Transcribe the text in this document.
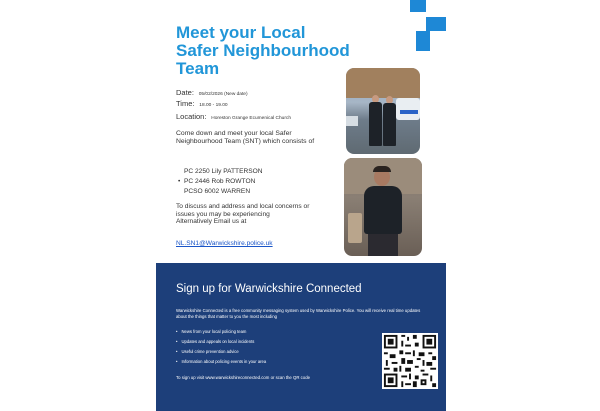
Meet your Local
Safer Neighbourhood
Team
Date: 05/02/2026 (New date)
Time: 18.00 - 19.00
Location: Horeston Grange Ecumenical Church
Come down and meet your local Safer Neighbourhood Team (SNT) which consists of
PC 2250 Lily PATTERSON
• PC 2446 Rob ROWTON
PCSO 6002 WARREN
To discuss and address and local concerns or issues you may be experiencing
Alternatively Email us at
NL.SN1@Warwickshire.police.uk
Sign up for Warwickshire Connected
Warwickshire Connected is a free community messaging system used by Warwickshire Police. You will receive real time updates about the things that matter to you the most including
• News from your local policing team
• Updates and appeals on local incidents
• Useful crime prevention advice
• Information about policing events in your area
To sign up visit www.warwickshireconnected.com or scan the QR code
